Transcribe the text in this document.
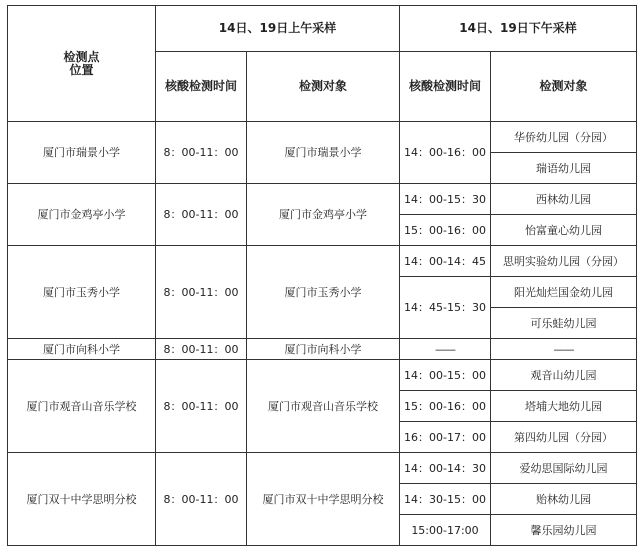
检测点
位置	14日、19日上午采样		14日、19日下午采样	
	核酸检测时间	检测对象	核酸检测时间	检测对象
厦门市瑞景小学	8：00-11：00	厦门市瑞景小学	14：00-16：00	华侨幼儿园（分园）
				瑞语幼儿园
厦门市金鸡亭小学	8：00-11：00	厦门市金鸡亭小学	14：00-15：30	西林幼儿园
			15：00-16：00	怡富童心幼儿园
厦门市玉秀小学	8：00-11：00	厦门市玉秀小学	14：00-14：45	思明实验幼儿园（分园）
			14：45-15：30	阳光灿烂国金幼儿园
				可乐蛙幼儿园
厦门市向科小学	8：00-11：00	厦门市向科小学	——	——
厦门市观音山音乐学校	8：00-11：00	厦门市观音山音乐学校	14：00-15：00	观音山幼儿园
			15：00-16：00	塔埔大地幼儿园
			16：00-17：00	第四幼儿园（分园）
厦门双十中学思明分校	8：00-11：00	厦门市双十中学思明分校	14：00-14：30	爱幼思国际幼儿园
			14：30-15：00	贻林幼儿园
			15:00-17:00	馨乐园幼儿园
